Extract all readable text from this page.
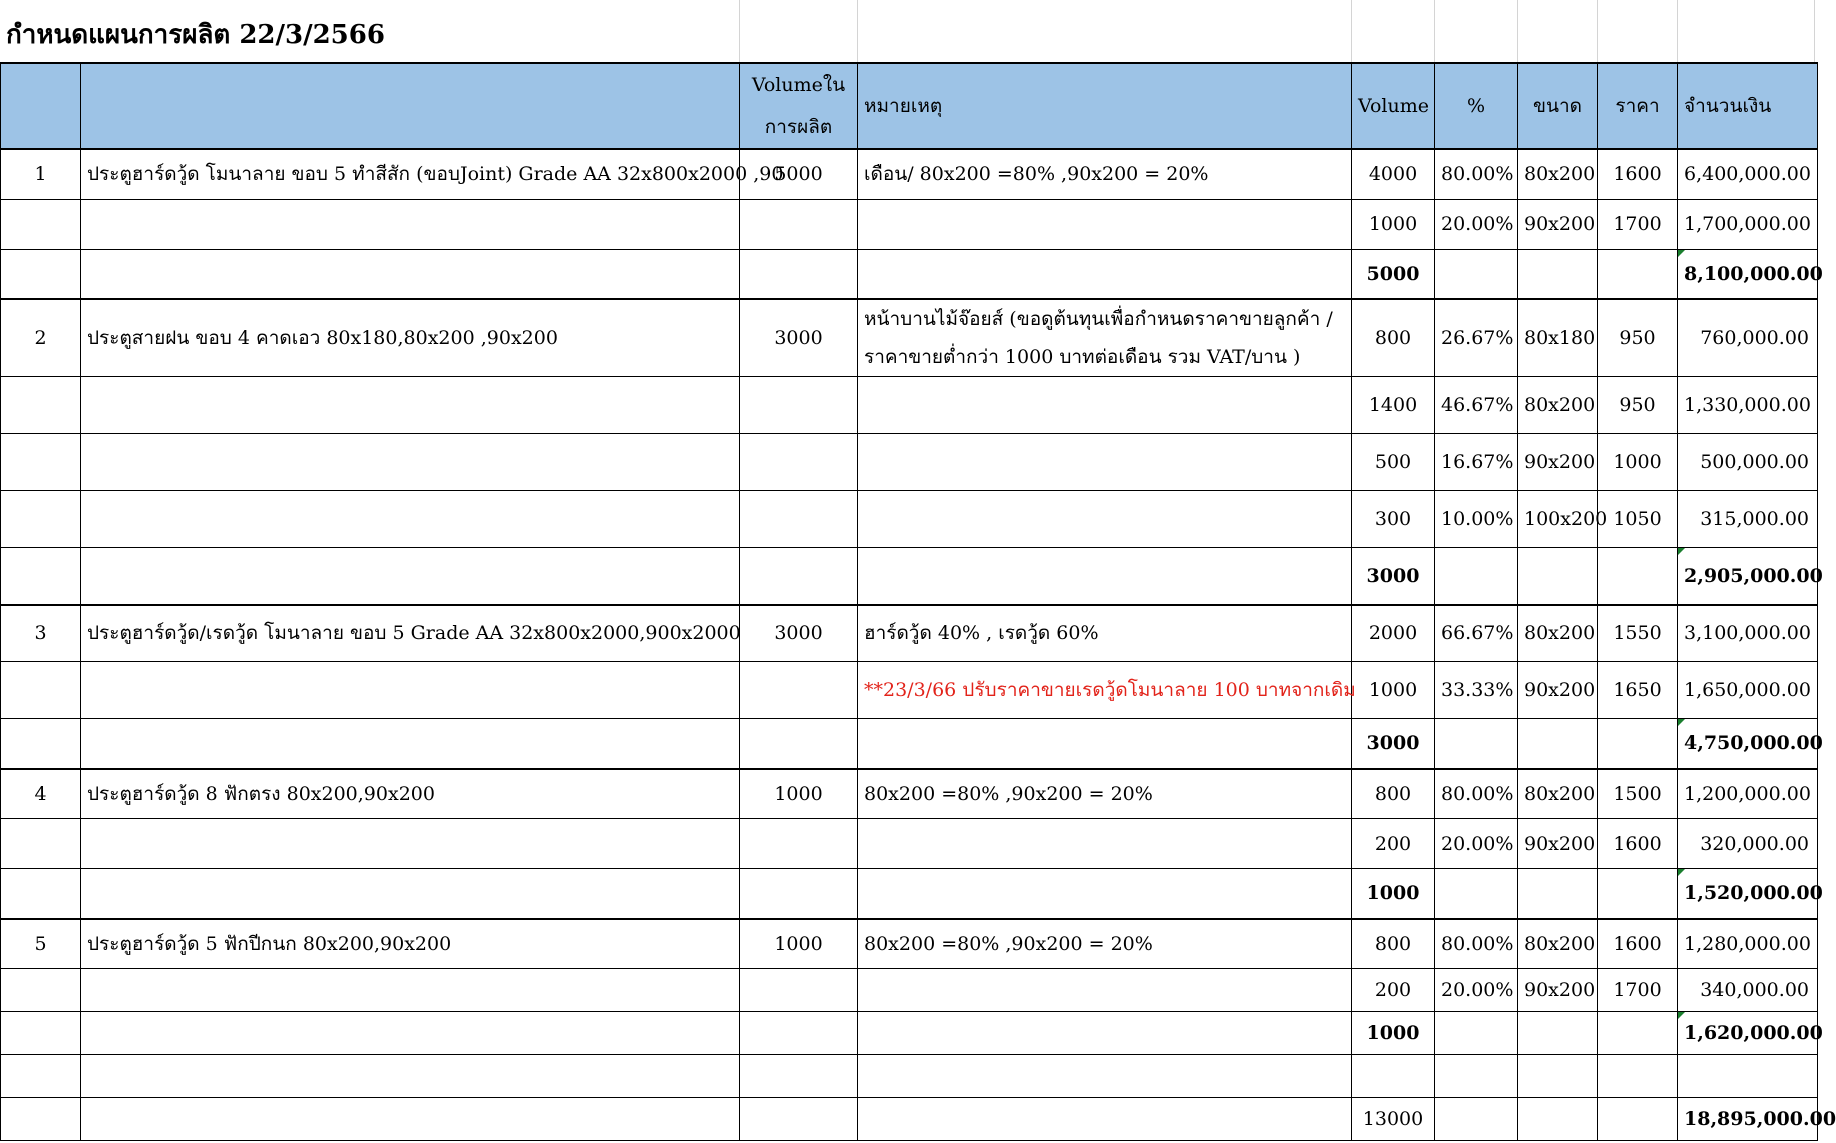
กำหนดแผนการผลิต 22/3/2566
		Volumeในการผลิต	หมายเหตุ	Volume	%	ขนาด	ราคา	จำนวนเงิน
1	ประตูฮาร์ดวู้ด โมนาลาย ขอบ 5 ทำสีสัก (ขอบJoint) Grade AA 32x800x2000 ,90	5000	เดือน/ 80x200 =80% ,90x200 = 20%	4000	80.00%	80x200	1600	6,400,000.00
				1000	20.00%	90x200	1700	1,700,000.00
				5000				8,100,000.00
2	ประตูสายฝน ขอบ 4 คาดเอว 80x180,80x200 ,90x200	3000	หน้าบานไม้จ๊อยส์ (ขอดูต้นทุนเพื่อกำหนดราคาขายลูกค้า / ราคาขายต่ำกว่า 1000 บาทต่อเดือน รวม VAT/บาน )	800	26.67%	80x180	950	760,000.00
				1400	46.67%	80x200	950	1,330,000.00
				500	16.67%	90x200	1000	500,000.00
				300	10.00%	100x200	1050	315,000.00
				3000				2,905,000.00
3	ประตูฮาร์ดวู้ด/เรดวู้ด โมนาลาย ขอบ 5 Grade AA 32x800x2000,900x2000	3000	ฮาร์ดวู้ด 40% , เรดวู้ด 60%	2000	66.67%	80x200	1550	3,100,000.00
			**23/3/66 ปรับราคาขายเรดวู้ดโมนาลาย 100 บาทจากเดิม	1000	33.33%	90x200	1650	1,650,000.00
				3000				4,750,000.00
4	ประตูฮาร์ดวู้ด 8 ฟักตรง 80x200,90x200	1000	80x200 =80% ,90x200 = 20%	800	80.00%	80x200	1500	1,200,000.00
				200	20.00%	90x200	1600	320,000.00
				1000				1,520,000.00
5	ประตูฮาร์ดวู้ด 5 ฟักปีกนก 80x200,90x200	1000	80x200 =80% ,90x200 = 20%	800	80.00%	80x200	1600	1,280,000.00
				200	20.00%	90x200	1700	340,000.00
				1000				1,620,000.00

				13000				18,895,000.00
